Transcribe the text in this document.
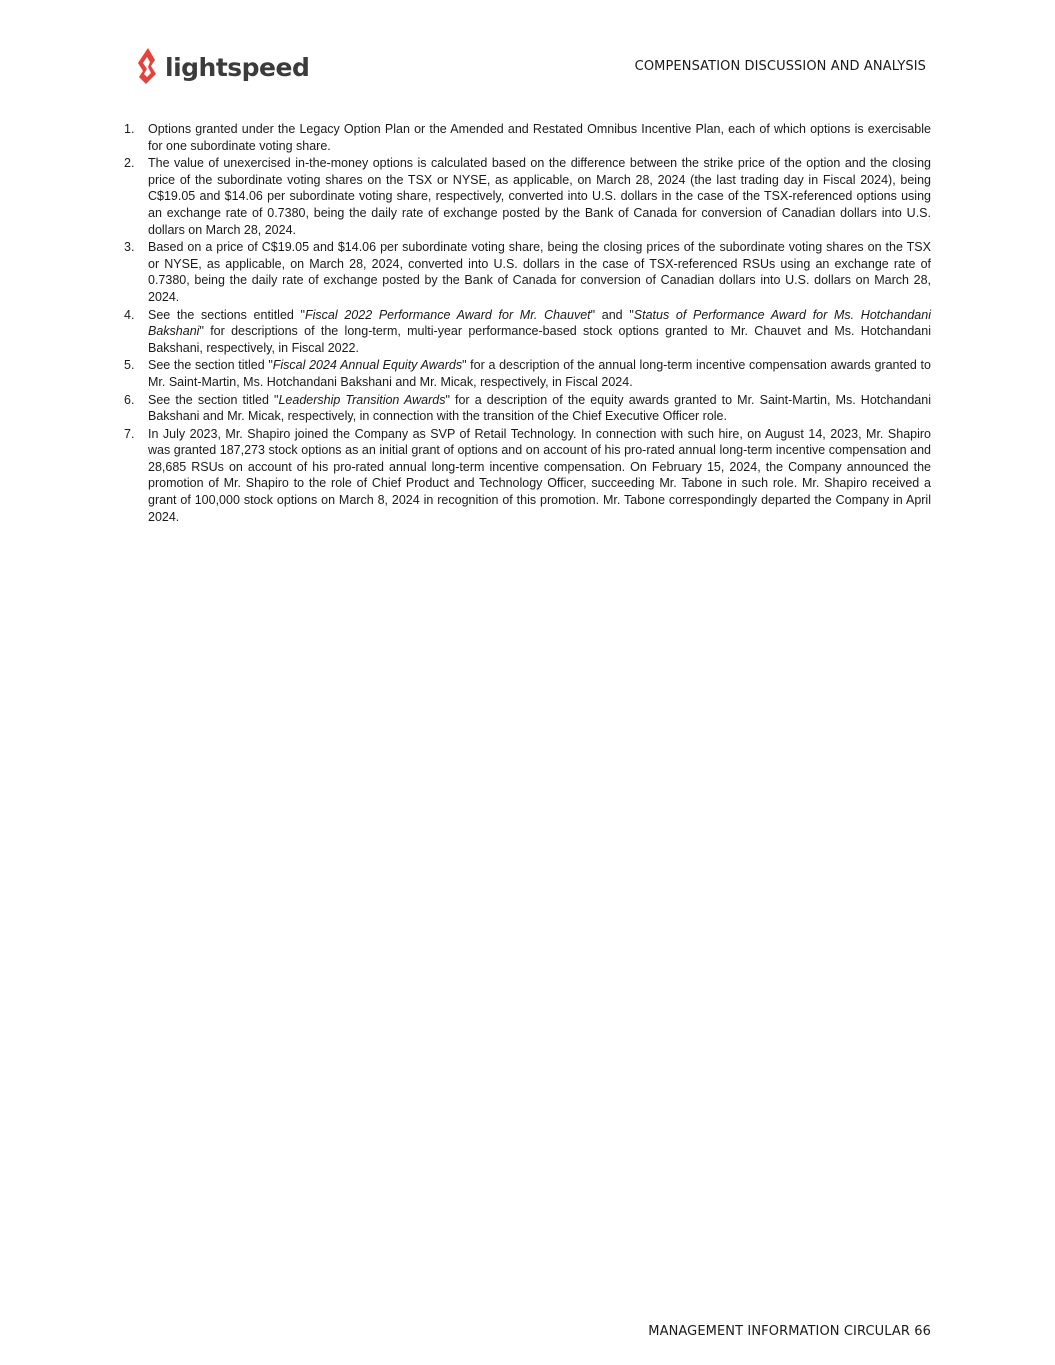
lightspeed	COMPENSATION DISCUSSION AND ANALYSIS
1.	Options granted under the Legacy Option Plan or the Amended and Restated Omnibus Incentive Plan, each of which options is exercisable for one subordinate voting share.
2.	The value of unexercised in-the-money options is calculated based on the difference between the strike price of the option and the closing price of the subordinate voting shares on the TSX or NYSE, as applicable, on March 28, 2024 (the last trading day in Fiscal 2024), being C$19.05 and $14.06 per subordinate voting share, respectively, converted into U.S. dollars in the case of the TSX-referenced options using an exchange rate of 0.7380, being the daily rate of exchange posted by the Bank of Canada for conversion of Canadian dollars into U.S. dollars on March 28, 2024.
3.	Based on a price of C$19.05 and $14.06 per subordinate voting share, being the closing prices of the subordinate voting shares on the TSX or NYSE, as applicable, on March 28, 2024, converted into U.S. dollars in the case of TSX-referenced RSUs using an exchange rate of 0.7380, being the daily rate of exchange posted by the Bank of Canada for conversion of Canadian dollars into U.S. dollars on March 28, 2024.
4.	See the sections entitled "Fiscal 2022 Performance Award for Mr. Chauvet" and "Status of Performance Award for Ms. Hotchandani Bakshani" for descriptions of the long-term, multi-year performance-based stock options granted to Mr. Chauvet and Ms. Hotchandani Bakshani, respectively, in Fiscal 2022.
5.	See the section titled "Fiscal 2024 Annual Equity Awards" for a description of the annual long-term incentive compensation awards granted to Mr. Saint-Martin, Ms. Hotchandani Bakshani and Mr. Micak, respectively, in Fiscal 2024.
6.	See the section titled "Leadership Transition Awards" for a description of the equity awards granted to Mr. Saint-Martin, Ms. Hotchandani Bakshani and Mr. Micak, respectively, in connection with the transition of the Chief Executive Officer role.
7.	In July 2023, Mr. Shapiro joined the Company as SVP of Retail Technology. In connection with such hire, on August 14, 2023, Mr. Shapiro was granted 187,273 stock options as an initial grant of options and on account of his pro-rated annual long-term incentive compensation and 28,685 RSUs on account of his pro-rated annual long-term incentive compensation. On February 15, 2024, the Company announced the promotion of Mr. Shapiro to the role of Chief Product and Technology Officer, succeeding Mr. Tabone in such role. Mr. Shapiro received a grant of 100,000 stock options on March 8, 2024 in recognition of this promotion. Mr. Tabone correspondingly departed the Company in April 2024.
MANAGEMENT INFORMATION CIRCULAR 66
